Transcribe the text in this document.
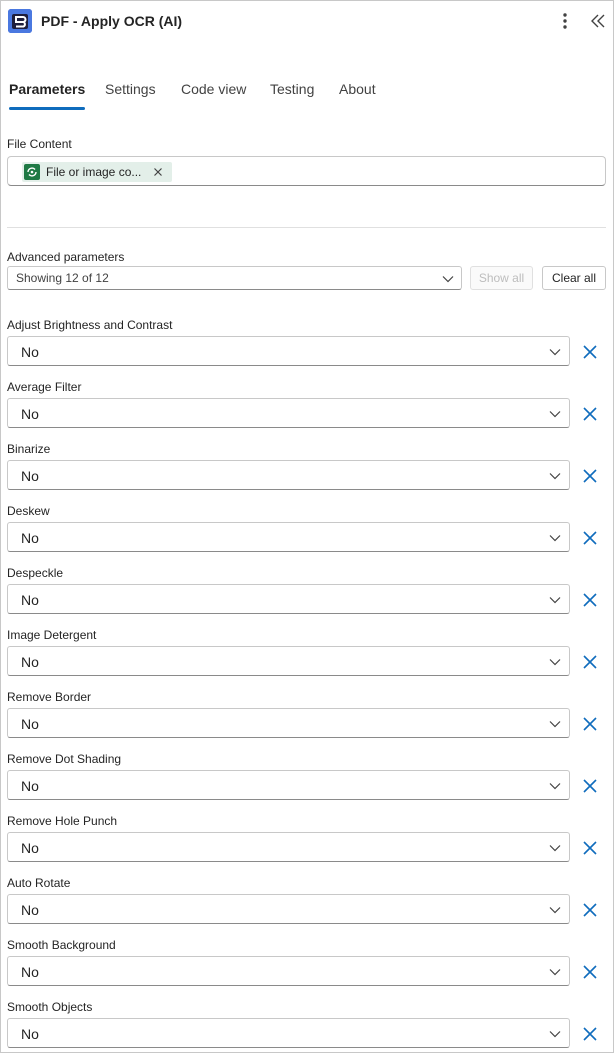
PDF - Apply OCR (AI)
Parameters Settings Code view Testing About
File Content
File or image co...
Advanced parameters
Showing 12 of 12	Show all	Clear all
Adjust Brightness and Contrast
No
Average Filter
No
Binarize
No
Deskew
No
Despeckle
No
Image Detergent
No
Remove Border
No
Remove Dot Shading
No
Remove Hole Punch
No
Auto Rotate
No
Smooth Background
No
Smooth Objects
No
